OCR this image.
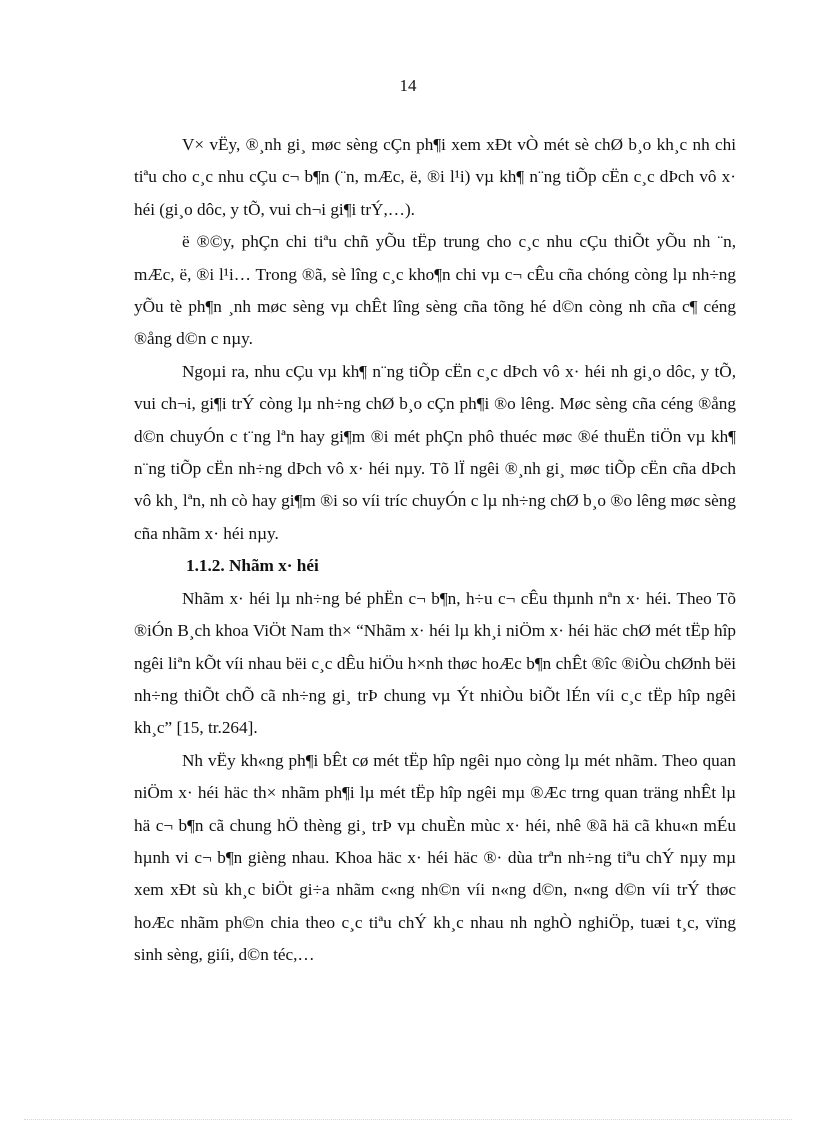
14

V× vËy, ®¸nh gi¸ møc sèng cÇn ph¶i xem xÐt vÒ mét sè chØ b¸o kh¸c nh chi tiªu cho c¸c nhu cÇu c¬ b¶n (¨n, mÆc, ë, ®i l¹i) vµ kh¶ n¨ng tiÕp cËn c¸c dÞch vô x· héi (gi¸o dôc, y tÕ, vui ch¬i gi¶i trÝ,…).

ë ®©y, phÇn chi tiªu chñ yÕu tËp trung cho c¸c nhu cÇu thiÕt yÕu nh ¨n, mÆc, ë, ®i l¹i… Trong ®ã, sè lîng c¸c kho¶n chi vµ c¬ cÊu cña chóng còng lµ nh÷ng yÕu tè ph¶n ¸nh møc sèng vµ chÊt lîng sèng cña tõng hé d©n còng nh cña c¶ céng ®ång d©n c nµy.

Ngoµi ra, nhu cÇu vµ kh¶ n¨ng tiÕp cËn c¸c dÞch vô x· héi nh gi¸o dôc, y tÕ, vui ch¬i, gi¶i trÝ còng lµ nh÷ng chØ b¸o cÇn ph¶i ®o lêng. Møc sèng cña céng ®ång d©n chuyÓn c t¨ng lªn hay gi¶m ®i mét phÇn phô thuéc møc ®é thuËn tiÖn vµ kh¶ n¨ng tiÕp cËn nh÷ng dÞch vô x· héi nµy. Tõ lÏ ngêi ®¸nh gi¸ møc tiÕp cËn cña dÞch vô kh¸ lªn, nh cò hay gi¶m ®i so víi tríc chuyÓn c lµ nh÷ng chØ b¸o ®o lêng møc sèng cña nhãm x· héi nµy.

1.1.2. Nhãm x· héi

Nhãm x· héi lµ nh÷ng bé phËn c¬ b¶n, h÷u c¬ cÊu thµnh nªn x· héi. Theo Tõ ®iÓn B¸ch khoa ViÖt Nam th× “Nhãm x· héi lµ kh¸i niÖm x· héi häc chØ mét tËp hîp ngêi liªn kÕt víi nhau bëi c¸c dÊu hiÖu h×nh thøc hoÆc b¶n chÊt ®îc ®iÒu chØnh bëi nh÷ng thiÕt chÕ cã nh÷ng gi¸ trÞ chung vµ Ýt nhiÒu biÕt lÉn víi c¸c tËp hîp ngêi kh¸c” [15, tr.264].

Nh vËy kh«ng ph¶i bÊt cø mét tËp hîp ngêi nµo còng lµ mét nhãm. Theo quan niÖm x· héi häc th× nhãm ph¶i lµ mét tËp hîp ngêi mµ ®Æc trng quan träng nhÊt lµ hä c¬ b¶n cã chung hÖ thèng gi¸ trÞ vµ chuÈn mùc x· héi, nhê ®ã hä cã khu«n mÉu hµnh vi c¬ b¶n gièng nhau. Khoa häc x· héi häc ®· dùa trªn nh÷ng tiªu chÝ nµy mµ xem xÐt sù kh¸c biÖt gi÷a nhãm c«ng nh©n víi n«ng d©n, n«ng d©n víi trÝ thøc hoÆc nhãm ph©n chia theo c¸c tiªu chÝ kh¸c nhau nh nghÒ nghiÖp, tuæi t¸c, vïng sinh sèng, giíi, d©n téc,…
